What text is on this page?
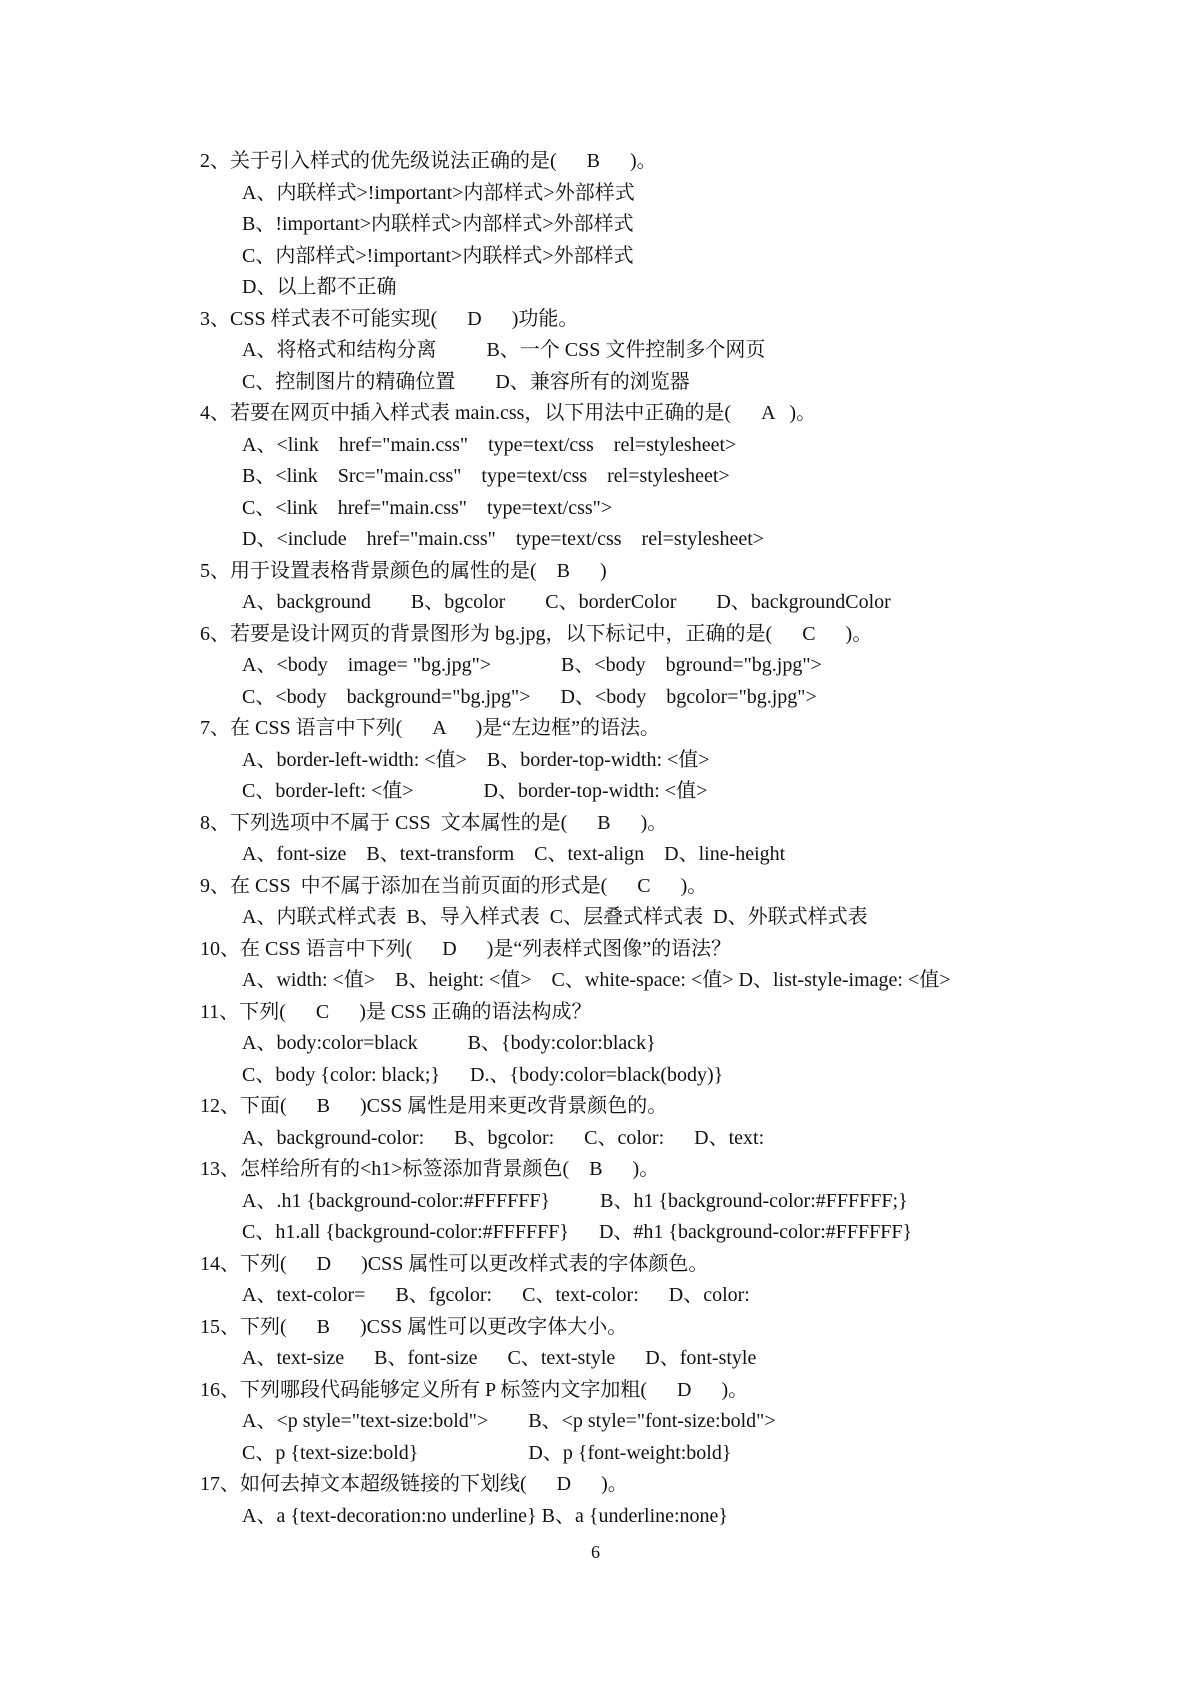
2、关于引入样式的优先级说法正确的是(      B      )。
A、内联样式>!important>内部样式>外部样式
B、!important>内联样式>内部样式>外部样式
C、内部样式>!important>内联样式>外部样式
D、以上都不正确
3、CSS 样式表不可能实现(      D      )功能。
A、将格式和结构分离          B、一个 CSS 文件控制多个网页
C、控制图片的精确位置        D、兼容所有的浏览器
4、若要在网页中插入样式表 main.css，以下用法中正确的是(      A   )。
A、<link    href="main.css"    type=text/css    rel=stylesheet>
B、<link    Src="main.css"    type=text/css    rel=stylesheet>
C、<link    href="main.css"    type=text/css">
D、<include    href="main.css"    type=text/css    rel=stylesheet>
5、用于设置表格背景颜色的属性的是(    B      )
A、background        B、bgcolor        C、borderColor        D、backgroundColor
6、若要是设计网页的背景图形为 bg.jpg，以下标记中，正确的是(      C      )。
A、<body    image= "bg.jpg">              B、<body    bground="bg.jpg">
C、<body    background="bg.jpg">      D、<body    bgcolor="bg.jpg">
7、在 CSS 语言中下列(      A      )是“左边框”的语法。
A、border-left-width: <值>    B、border-top-width: <值>
C、border-left: <值>              D、border-top-width: <值>
8、下列选项中不属于 CSS  文本属性的是(      B      )。
A、font-size    B、text-transform    C、text-align    D、line-height
9、在 CSS  中不属于添加在当前页面的形式是(      C      )。
A、内联式样式表  B、导入样式表  C、层叠式样式表  D、外联式样式表
10、在 CSS 语言中下列(      D      )是“列表样式图像”的语法？
A、width: <值>    B、height: <值>    C、white-space: <值> D、list-style-image: <值>
11、下列(      C      )是 CSS 正确的语法构成？
A、body:color=black          B、{body:color:black}
C、body {color: black;}      D.、{body:color=black(body)}
12、下面(      B      )CSS 属性是用来更改背景颜色的。
A、background-color:      B、bgcolor:      C、color:      D、text:
13、怎样给所有的<h1>标签添加背景颜色(    B      )。
A、.h1 {background-color:#FFFFFF}          B、h1 {background-color:#FFFFFF;}
C、h1.all {background-color:#FFFFFF}      D、#h1 {background-color:#FFFFFF}
14、下列(      D      )CSS 属性可以更改样式表的字体颜色。
A、text-color=      B、fgcolor:      C、text-color:      D、color:
15、下列(      B      )CSS 属性可以更改字体大小。
A、text-size      B、font-size      C、text-style      D、font-style
16、下列哪段代码能够定义所有 P 标签内文字加粗(      D      )。
A、<p style="text-size:bold">        B、<p style="font-size:bold">
C、p {text-size:bold}                      D、p {font-weight:bold}
17、如何去掉文本超级链接的下划线(      D      )。
A、a {text-decoration:no underline} B、a {underline:none}
6
